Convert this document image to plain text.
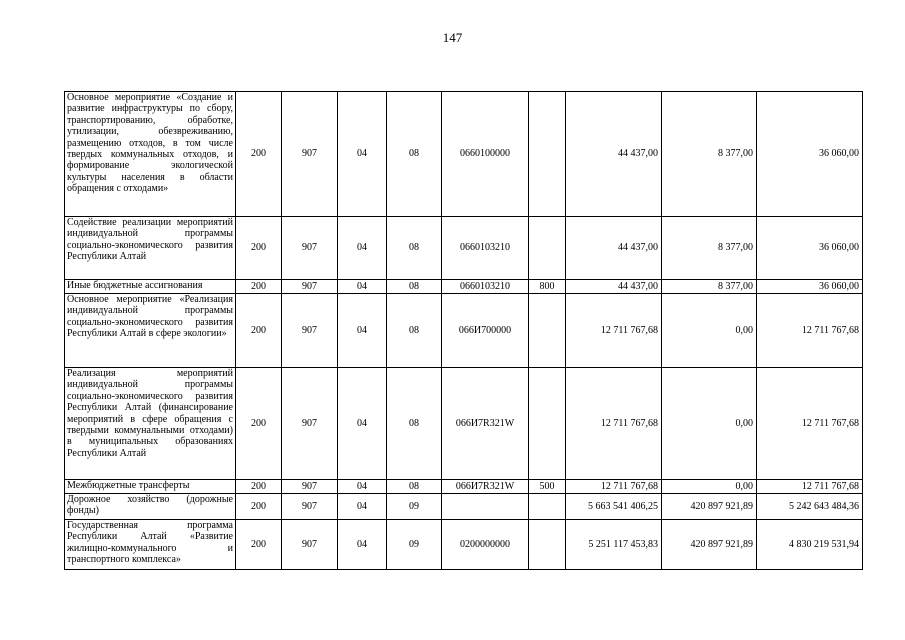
147
Основное мероприятие «Создание и развитие инфраструктуры по сбору, транспортированию, обработке, утилизации, обезвреживанию, размещению отходов, в том числе твердых коммунальных отходов, и формирование экологической культуры населения в области обращения с отходами»	200	907	04	08	0660100000		44 437,00	8 377,00	36 060,00
Содействие реализации мероприятий индивидуальной программы социально-экономического развития Республики Алтай	200	907	04	08	0660103210		44 437,00	8 377,00	36 060,00
Иные бюджетные ассигнования	200	907	04	08	0660103210	800	44 437,00	8 377,00	36 060,00
Основное мероприятие «Реализация индивидуальной программы социально-экономического развития Республики Алтай в сфере экологии»	200	907	04	08	066И700000		12 711 767,68	0,00	12 711 767,68
Реализация мероприятий индивидуальной программы социально-экономического развития Республики Алтай (финансирование мероприятий в сфере обращения с твердыми коммунальными отходами) в муниципальных образованиях Республики Алтай	200	907	04	08	066И7R321W		12 711 767,68	0,00	12 711 767,68
Межбюджетные трансферты	200	907	04	08	066И7R321W	500	12 711 767,68	0,00	12 711 767,68
Дорожное хозяйство (дорожные фонды)	200	907	04	09			5 663 541 406,25	420 897 921,89	5 242 643 484,36
Государственная программа Республики Алтай «Развитие жилищно-коммунального и транспортного комплекса»	200	907	04	09	0200000000		5 251 117 453,83	420 897 921,89	4 830 219 531,94
